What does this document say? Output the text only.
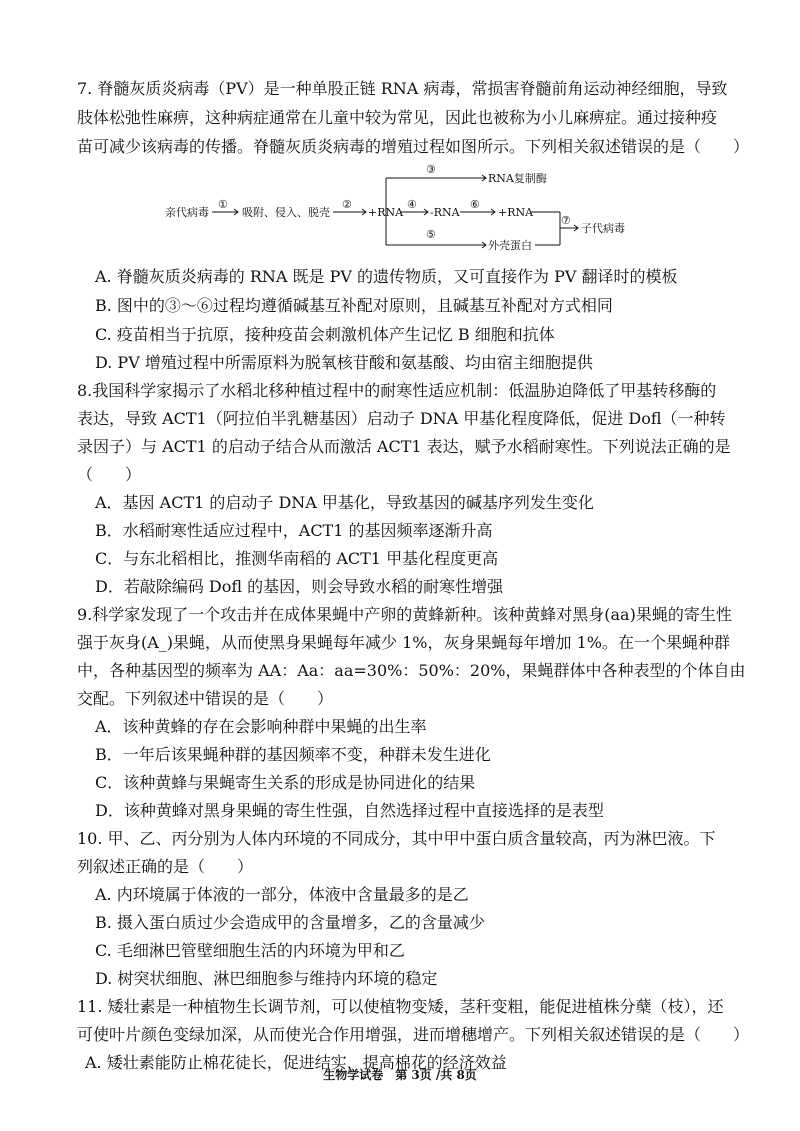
7. 脊髓灰质炎病毒（PV）是一种单股正链 RNA 病毒，常损害脊髓前角运动神经细胞，导致
肢体松弛性麻痹，这种病症通常在儿童中较为常见，因此也被称为小儿麻痹症。通过接种疫
苗可减少该病毒的传播。脊髓灰质炎病毒的增殖过程如图所示。下列相关叙述错误的是（　　）
亲代病毒
①
吸附、侵入、脱壳
②
+RNA
③
RNA复制酶
④
-RNA
⑥
+RNA
⑤
外壳蛋白
⑦
子代病毒
A. 脊髓灰质炎病毒的 RNA 既是 PV 的遗传物质，又可直接作为 PV 翻译时的模板
B. 图中的③～⑥过程均遵循碱基互补配对原则，且碱基互补配对方式相同
C. 疫苗相当于抗原，接种疫苗会刺激机体产生记忆 B 细胞和抗体
D. PV 增殖过程中所需原料为脱氧核苷酸和氨基酸、均由宿主细胞提供
8.我国科学家揭示了水稻北移种植过程中的耐寒性适应机制：低温胁迫降低了甲基转移酶的
表达，导致 ACT1（阿拉伯半乳糖基因）启动子 DNA 甲基化程度降低，促进 Dofl（一种转
录因子）与 ACT1 的启动子结合从而激活 ACT1 表达，赋予水稻耐寒性。下列说法正确的是
（　　）
A．基因 ACT1 的启动子 DNA 甲基化，导致基因的碱基序列发生变化
B．水稻耐寒性适应过程中，ACT1 的基因频率逐渐升高
C．与东北稻相比，推测华南稻的 ACT1 甲基化程度更高
D．若敲除编码 Dofl 的基因，则会导致水稻的耐寒性增强
9.科学家发现了一个攻击并在成体果蝇中产卵的黄蜂新种。该种黄蜂对黑身(aa)果蝇的寄生性
强于灰身(A_)果蝇，从而使黑身果蝇每年减少 1%，灰身果蝇每年增加 1%。在一个果蝇种群
中，各种基因型的频率为 AA：Aa：aa=30%：50%：20%，果蝇群体中各种表型的个体自由
交配。下列叙述中错误的是（　　）
A．该种黄蜂的存在会影响种群中果蝇的出生率
B．一年后该果蝇种群的基因频率不变，种群未发生进化
C．该种黄蜂与果蝇寄生关系的形成是协同进化的结果
D．该种黄蜂对黑身果蝇的寄生性强，自然选择过程中直接选择的是表型
10. 甲、乙、丙分别为人体内环境的不同成分，其中甲中蛋白质含量较高，丙为淋巴液。下
列叙述正确的是（　　）
A. 内环境属于体液的一部分，体液中含量最多的是乙
B. 摄入蛋白质过少会造成甲的含量增多，乙的含量减少
C. 毛细淋巴管壁细胞生活的内环境为甲和乙
D. 树突状细胞、淋巴细胞参与维持内环境的稳定
11. 矮壮素是一种植物生长调节剂，可以使植物变矮，茎秆变粗，能促进植株分蘖（枝），还
可使叶片颜色变绿加深，从而使光合作用增强，进而增穗增产。下列相关叙述错误的是（　　）
A. 矮壮素能防止棉花徒长，促进结实，提高棉花的经济效益
生物学试卷　第 3页 /共 8页
